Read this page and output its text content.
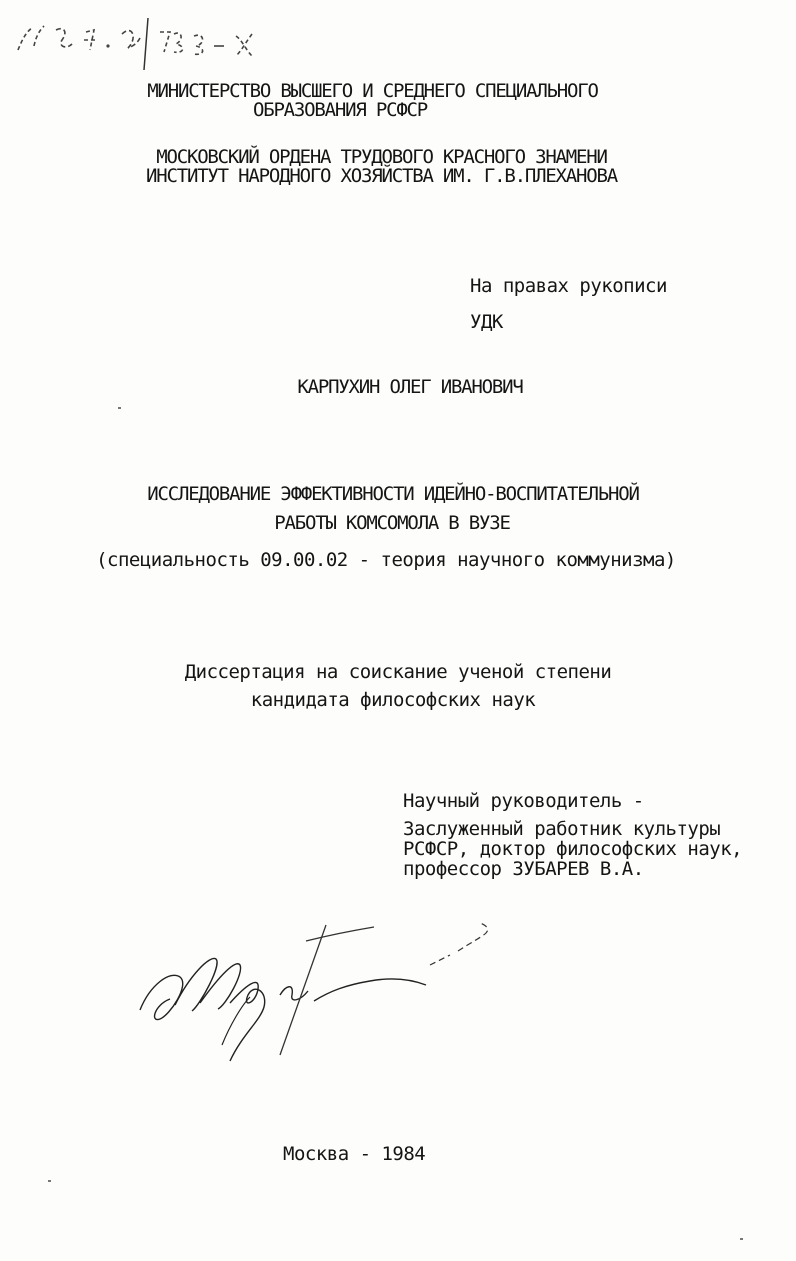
МИНИСТЕРСТВО ВЫСШЕГО И СРЕДНЕГО СПЕЦИАЛЬНОГО
ОБРАЗОВАНИЯ РСФСР
МОСКОВСКИЙ ОРДЕНА ТРУДОВОГО КРАСНОГО ЗНАМЕНИ
ИНСТИТУТ НАРОДНОГО ХОЗЯЙСТВА ИМ. Г.В.ПЛЕХАНОВА
На правах рукописи
УДК
КАРПУХИН ОЛЕГ ИВАНОВИЧ
ИССЛЕДОВАНИЕ ЭФФЕКТИВНОСТИ ИДЕЙНО-ВОСПИТАТЕЛЬНОЙ
РАБОТЫ КОМСОМОЛА В ВУЗЕ
(специальность 09.00.02 - теория научного коммунизма)
Диссертация на соискание ученой степени
кандидата философских наук
Научный руководитель -
Заслуженный работник культуры
РСФСР, доктор философских наук,
профессор ЗУБАРЕВ В.А.
Москва - 1984
